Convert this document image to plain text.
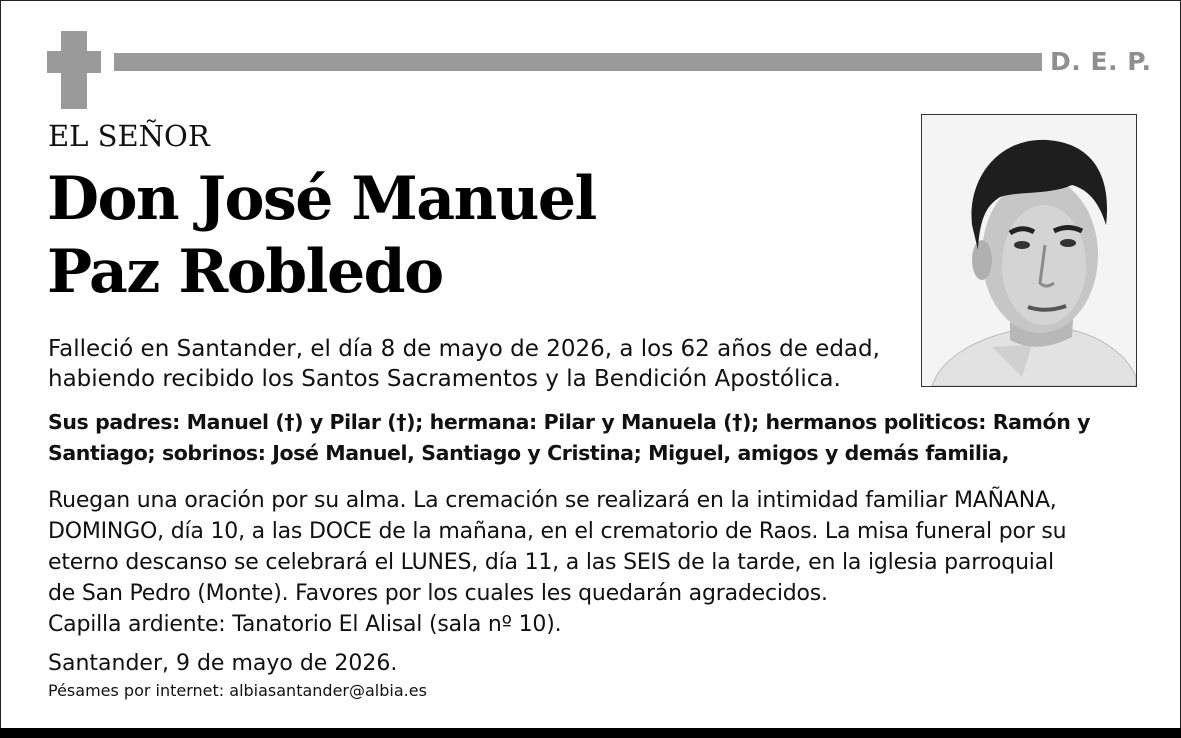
D. E. P.
EL SEÑOR
Don José Manuel
Paz Robledo
Falleció en Santander, el día 8 de mayo de 2026, a los 62 años de edad,
habiendo recibido los Santos Sacramentos y la Bendición Apostólica.
Sus padres: Manuel (†) y Pilar (†); hermana: Pilar y Manuela (†); hermanos politicos: Ramón y Santiago; sobrinos: José Manuel, Santiago y Cristina; Miguel, amigos y demás familia,
Ruegan una oración por su alma. La cremación se realizará en la intimidad familiar MAÑANA,
DOMINGO, día 10, a las DOCE de la mañana, en el crematorio de Raos. La misa funeral por su
eterno descanso se celebrará el LUNES, día 11, a las SEIS de la tarde, en la iglesia parroquial
de San Pedro (Monte). Favores por los cuales les quedarán agradecidos.
Capilla ardiente: Tanatorio El Alisal (sala nº 10).
Santander, 9 de mayo de 2026.
Pésames por internet: albiasantander@albia.es
